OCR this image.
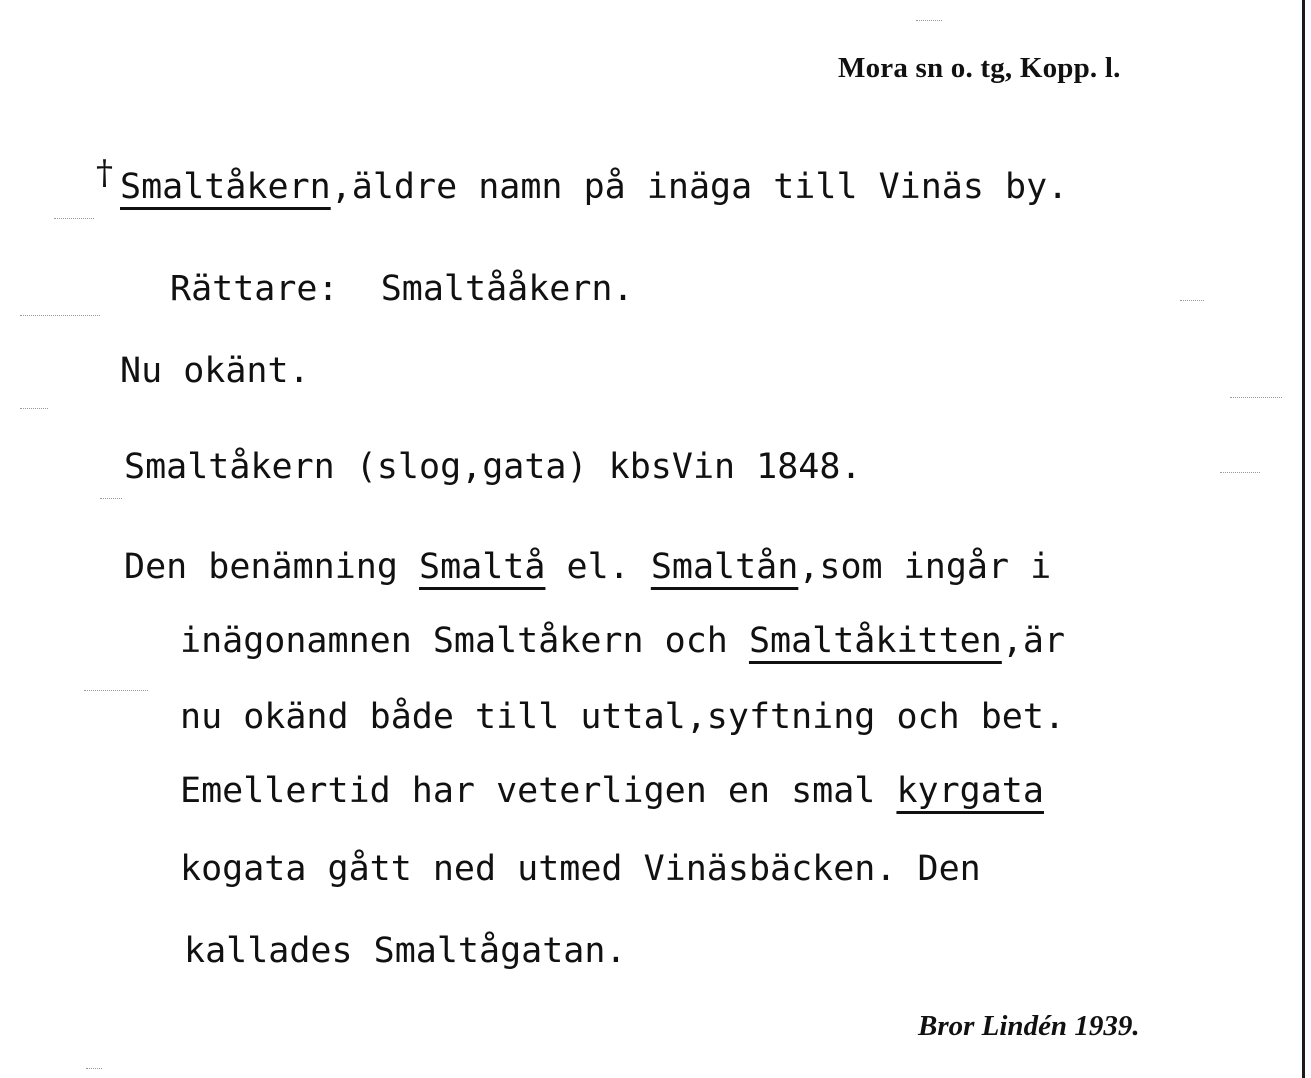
Mora sn o. tg, Kopp. l.
† Smaltåkern,äldre namn på inäga till Vinäs by.
Rättare:  Smaltååkern.
Nu okänt.
Smaltåkern (slog,gata) kbsVin 1848.
Den benämning Smaltå el. Smaltån,som ingår i
inägonamnen Smaltåkern och Smaltåkitten,är
nu okänd både till uttal,syftning och bet.
Emellertid har veterligen en smal kyrgata
kogata gått ned utmed Vinäsbäcken. Den
kallades Smaltågatan.
Bror Lindén 1939.
